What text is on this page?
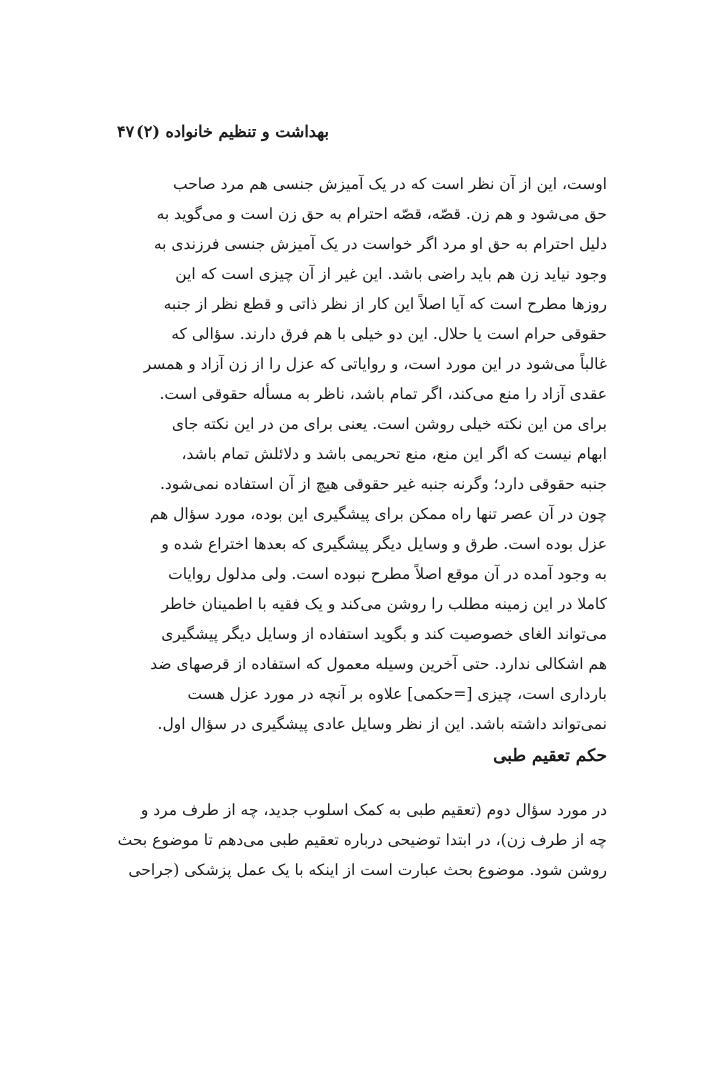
۴۷ بهداشت و تنظیم خانواده (۲)
اوست، این از آن نظر است که در یک آمیزش جنسی هم مرد صاحب
حق می‌شود و هم زن. قصّه، قصّه احترام به حق زن است و می‌گوید به
دلیل احترام به حق او مرد اگر خواست در یک آمیزش جنسی فرزندی به
وجود نیاید زن هم باید راضی باشد. این غیر از آن چیزی است که این
روزها مطرح است که آیا اصلاً این کار از نظر ذاتی و قطع نظر از جنبه
حقوقی حرام است یا حلال. این دو خیلی با هم فرق دارند. سؤالی که
غالباً می‌شود در این مورد است، و روایاتی که عزل را از زن آزاد و همسر
عقدی آزاد را منع می‌کند، اگر تمام باشد، ناظر به مسأله حقوقی است.
برای من این نکته خیلی روشن است. یعنی برای من در این نکته جای
ابهام نیست که اگر این منع، منع تحریمی باشد و دلائلش تمام باشد،
جنبه حقوقی دارد؛ وگرنه جنبه غیر حقوقی هیچ از آن استفاده نمی‌شود.
چون در آن عصر تنها راه ممکن برای پیشگیری این بوده، مورد سؤال هم
عزل بوده است. طرق و وسایل دیگر پیشگیری که بعدها اختراع شده و
به وجود آمده در آن موقع اصلاً مطرح نبوده است. ولی مدلول روایات
کاملا در این زمینه مطلب را روشن می‌کند و یک فقیه با اطمینان خاطر
می‌تواند الغای خصوصیت کند و بگوید استفاده از وسایل دیگر پیشگیری
هم اشکالی ندارد. حتی آخرین وسیله معمول که استفاده از قرصهای ضد
بارداری است، چیزی [=حکمی] علاوه بر آنچه در مورد عزل هست
نمی‌تواند داشته باشد. این از نظر وسایل عادی پیشگیری در سؤال اول.
حکم تعقیم طبی
در مورد سؤال دوم (تعقیم طبی به کمک اسلوب جدید، چه از طرف مرد و
چه از طرف زن)، در ابتدا توضیحی درباره تعقیم طبی می‌دهم تا موضوع بحث
روشن شود. موضوع بحث عبارت است از اینکه با یک عمل پزشکی (جراحی
